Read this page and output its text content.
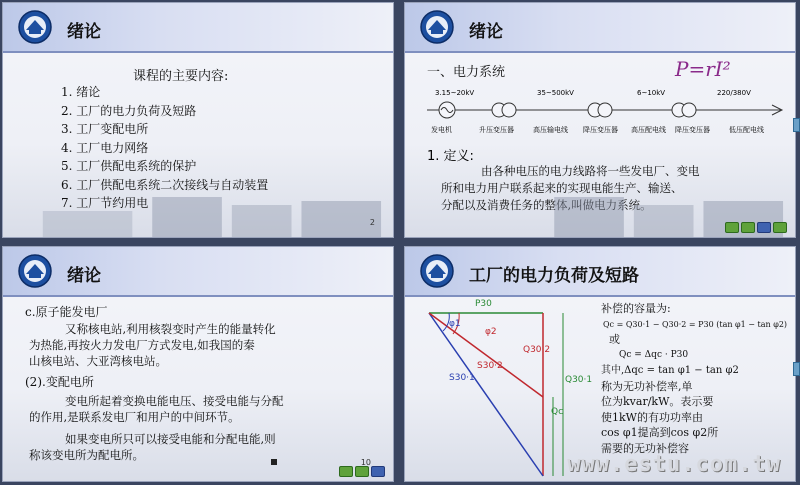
绪论
课程的主要内容:
1. 绪论
2. 工厂的电力负荷及短路
3. 工厂变配电所
4. 工厂电力网络
5. 工厂供配电系统的保护
6. 工厂供配电系统二次接线与自动装置
7. 工厂节约用电
2
绪论
一、电力系统	P=rI²
3.15~20kV	35~500kV	6~10kV	220/380V
发电机	升压变压器	高压输电线 降压变压器 高压配电线 降压变压器	低压配电线
1. 定义:
由各种电压的电力线路将一些发电厂、变电
所和电力用户联系起来的实现电能生产、输送、
分配以及消费任务的整体,叫做电力系统。
绪论
c.原子能发电厂
又称核电站,利用核裂变时产生的能量转化
为热能,再按火力发电厂方式发电,如我国的秦
山核电站、大亚湾核电站。
(2).变配电所
变电所起着变换电能电压、接受电能与分配
的作用,是联系发电厂和用户的中间环节。
如果变电所只可以接受电能和分配电能,则
称该变电所为配电所。
10
工厂的电力负荷及短路
P30
φ1
φ2
S30·2
S30·1
Q30·2
Q30·1
Qc
补偿的容量为:
Qc = Q30·1 − Q30·2 = P30 (tan φ1 − tan φ2)
或
Qc = Δqc · P30
其中,Δqc = tan φ1 − tan φ2
称为无功补偿率,单
位为kvar/kW。表示要
使1kW的有功功率由
cos φ1提高到cos φ2所
需要的无功补偿容
www.estu.com.tw
